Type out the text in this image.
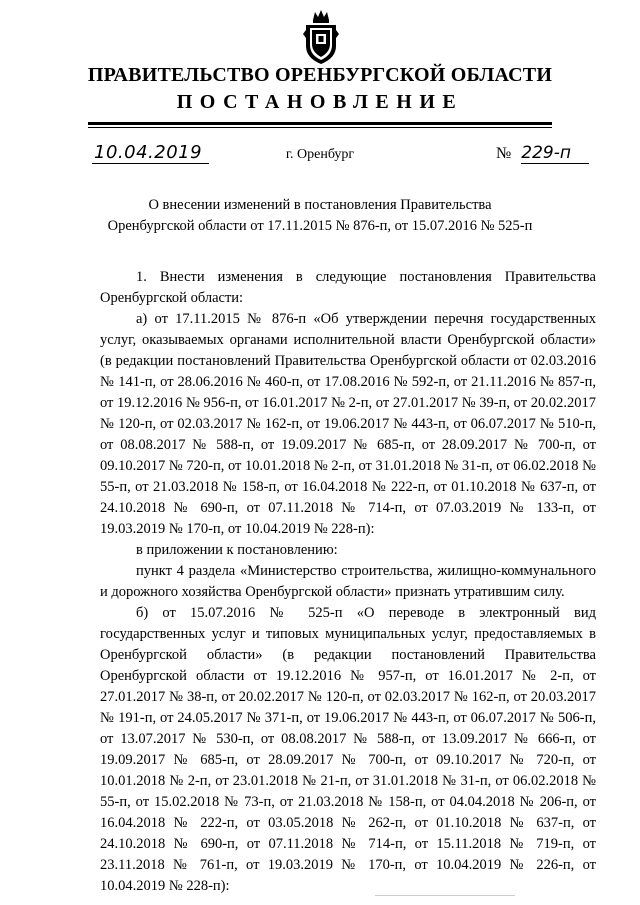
ПРАВИТЕЛЬСТВО ОРЕНБУРГСКОЙ ОБЛАСТИ
ПОСТАНОВЛЕНИЕ
10.04.2019	г. Оренбург	№ 229-п
О внесении изменений в постановления Правительства
Оренбургской области от 17.11.2015 № 876-п, от 15.07.2016 № 525-п

1. Внести изменения в следующие постановления Правительства Оренбургской области:

а) от 17.11.2015 № 876-п «Об утверждении перечня государственных услуг, оказываемых органами исполнительной власти Оренбургской области» (в редакции постановлений Правительства Оренбургской области от 02.03.2016 № 141-п, от 28.06.2016 № 460-п, от 17.08.2016 № 592-п, от 21.11.2016 № 857-п, от 19.12.2016 № 956-п, от 16.01.2017 № 2-п, от 27.01.2017 № 39-п, от 20.02.2017 № 120-п, от 02.03.2017 № 162-п, от 19.06.2017 № 443-п, от 06.07.2017 № 510-п, от 08.08.2017 № 588-п, от 19.09.2017 № 685-п, от 28.09.2017 № 700-п, от 09.10.2017 № 720-п, от 10.01.2018 № 2-п, от 31.01.2018 № 31-п, от 06.02.2018 № 55-п, от 21.03.2018 № 158-п, от 16.04.2018 № 222-п, от 01.10.2018 № 637-п, от 24.10.2018 № 690-п, от 07.11.2018 № 714-п, от 07.03.2019 № 133-п, от 19.03.2019 № 170-п, от 10.04.2019 № 228-п):

в приложении к постановлению:

пункт 4 раздела «Министерство строительства, жилищно-коммунального и дорожного хозяйства Оренбургской области» признать утратившим силу.

б) от 15.07.2016 № 525-п «О переводе в электронный вид государственных услуг и типовых муниципальных услуг, предоставляемых в Оренбургской области» (в редакции постановлений Правительства Оренбургской области от 19.12.2016 № 957-п, от 16.01.2017 № 2-п, от 27.01.2017 № 38-п, от 20.02.2017 № 120-п, от 02.03.2017 № 162-п, от 20.03.2017 № 191-п, от 24.05.2017 № 371-п, от 19.06.2017 № 443-п, от 06.07.2017 № 506-п, от 13.07.2017 № 530-п, от 08.08.2017 № 588-п, от 13.09.2017 № 666-п, от 19.09.2017 № 685-п, от 28.09.2017 № 700-п, от 09.10.2017 № 720-п, от 10.01.2018 № 2-п, от 23.01.2018 № 21-п, от 31.01.2018 № 31-п, от 06.02.2018 № 55-п, от 15.02.2018 № 73-п, от 21.03.2018 № 158-п, от 04.04.2018 № 206-п, от 16.04.2018 № 222-п, от 03.05.2018 № 262-п, от 01.10.2018 № 637-п, от 24.10.2018 № 690-п, от 07.11.2018 № 714-п, от 15.11.2018 № 719-п, от 23.11.2018 № 761-п, от 19.03.2019 № 170-п, от 10.04.2019 № 226-п, от 10.04.2019 № 228-п):
